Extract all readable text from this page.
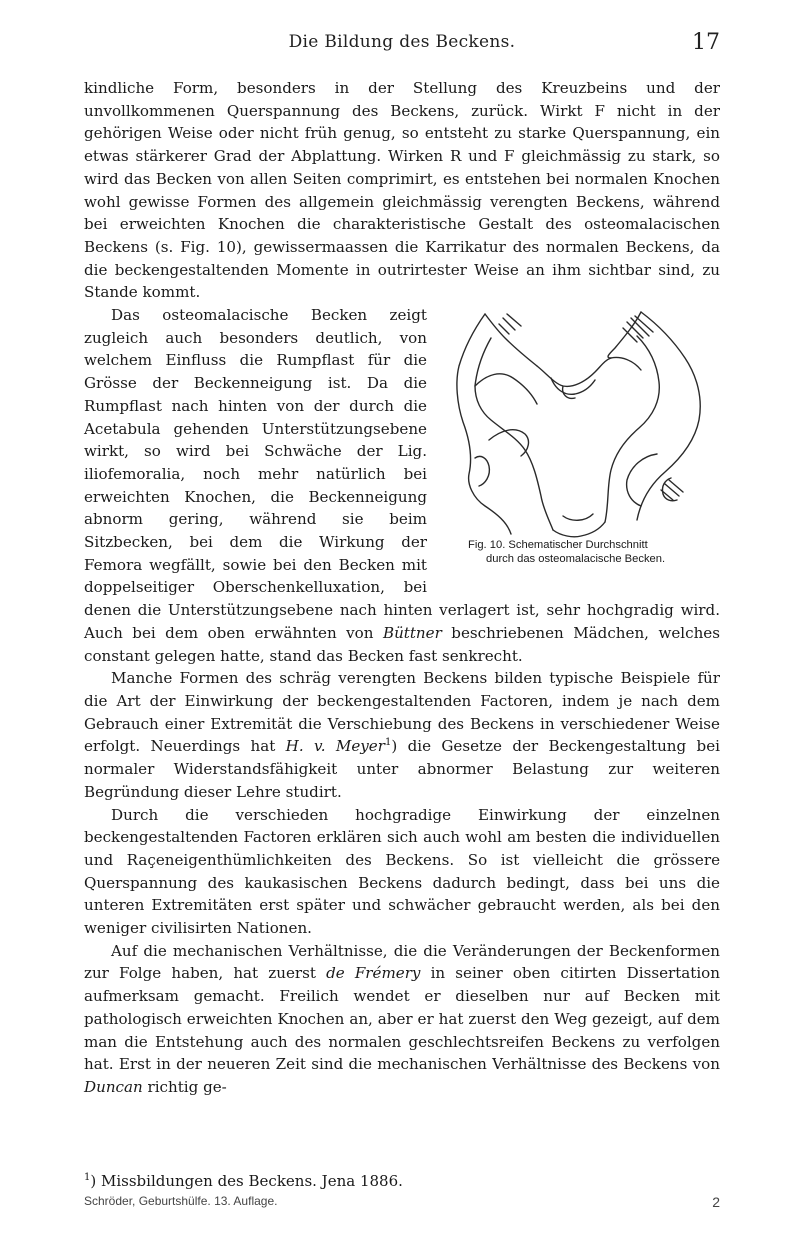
Die Bildung des Beckens.	17

kindliche Form, besonders in der Stellung des Kreuzbeins und der unvollkommenen Querspannung des Beckens, zurück. Wirkt F nicht in der gehörigen Weise oder nicht früh genug, so entsteht zu starke Querspannung, ein etwas stärkerer Grad der Abplattung. Wirken R und F gleichmässig zu stark, so wird das Becken von allen Seiten comprimirt, es entstehen bei normalen Knochen wohl gewisse Formen des allgemein gleichmässig verengten Beckens, während bei erweichten Knochen die charakteristische Gestalt des osteomalacischen Beckens (s. Fig. 10), gewissermaassen die Karrikatur des normalen Beckens, da die beckengestaltenden Momente in outrirtester Weise an ihm sichtbar sind, zu Stande kommt.

Fig. 10. Schematischer Durchschnitt
durch das osteomalacische Becken.
Das osteomalacische Becken zeigt zugleich auch besonders deutlich, von welchem Einfluss die Rumpflast für die Grösse der Beckenneigung ist. Da die Rumpflast nach hinten von der durch die Acetabula gehenden Unterstützungsebene wirkt, so wird bei Schwäche der Lig. iliofemoralia, noch mehr natürlich bei erweichten Knochen, die Beckenneigung abnorm gering, während sie beim Sitzbecken, bei dem die Wirkung der Femora wegfällt, sowie bei den Becken mit doppelseitiger Oberschenkelluxation, bei denen die Unterstützungsebene nach hinten verlagert ist, sehr hochgradig wird. Auch bei dem oben erwähnten von Büttner beschriebenen Mädchen, welches constant gelegen hatte, stand das Becken fast senkrecht.

Manche Formen des schräg verengten Beckens bilden typische Beispiele für die Art der Einwirkung der beckengestaltenden Factoren, indem je nach dem Gebrauch einer Extremität die Verschiebung des Beckens in verschiedener Weise erfolgt. Neuerdings hat H. v. Meyer$^1$) die Gesetze der Beckengestaltung bei normaler Widerstandsfähigkeit unter abnormer Belastung zur weiteren Begründung dieser Lehre studirt.

Durch die verschieden hochgradige Einwirkung der einzelnen beckengestaltenden Factoren erklären sich auch wohl am besten die individuellen und Raçeneigenthümlichkeiten des Beckens. So ist vielleicht die grössere Querspannung des kaukasischen Beckens dadurch bedingt, dass bei uns die unteren Extremitäten erst später und schwächer gebraucht werden, als bei den weniger civilisirten Nationen.

Auf die mechanischen Verhältnisse, die die Veränderungen der Beckenformen zur Folge haben, hat zuerst de Frémery in seiner oben citirten Dissertation aufmerksam gemacht. Freilich wendet er dieselben nur auf Becken mit pathologisch erweichten Knochen an, aber er hat zuerst den Weg gezeigt, auf dem man die Entstehung auch des normalen geschlechtsreifen Beckens zu verfolgen hat. Erst in der neueren Zeit sind die mechanischen Verhältnisse des Beckens von Duncan richtig ge-

$^1$) Missbildungen des Beckens. Jena 1886.
Schröder, Geburtshülfe. 13. Auflage.	2
